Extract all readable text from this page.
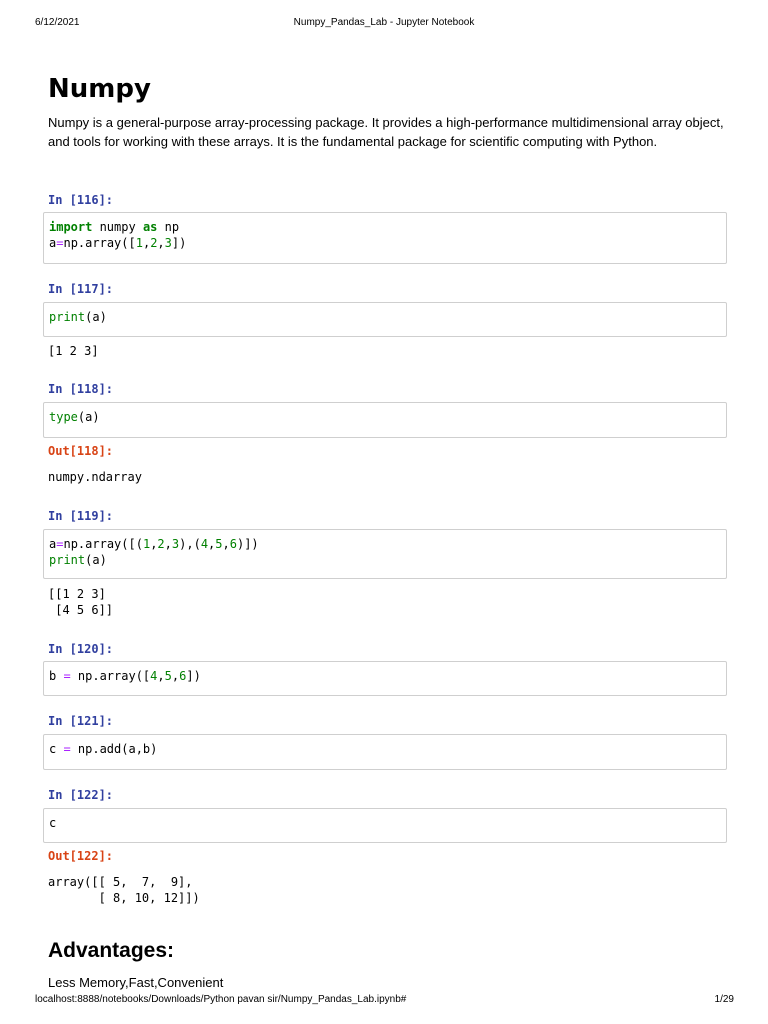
6/12/2021	Numpy_Pandas_Lab - Jupyter Notebook
Numpy

Numpy is a general-purpose array-processing package. It provides a high-performance multidimensional array object, and tools for working with these arrays. It is the fundamental package for scientific computing with Python.

In [116]:
import numpy as np
a=np.array([1,2,3])
In [117]:
print(a)
[1 2 3]
In [118]:
type(a)
Out[118]:
numpy.ndarray
In [119]:
a=np.array([(1,2,3),(4,5,6)])
print(a)
[[1 2 3]
[4 5 6]]
In [120]:
b = np.array([4,5,6])
In [121]:
c = np.add(a,b)
In [122]:
c
Out[122]:
array([[ 5,  7,  9],
[ 8, 10, 12]])
Advantages:

Less Memory,Fast,Convenient

localhost:8888/notebooks/Downloads/Python pavan sir/Numpy_Pandas_Lab.ipynb#	1/29
